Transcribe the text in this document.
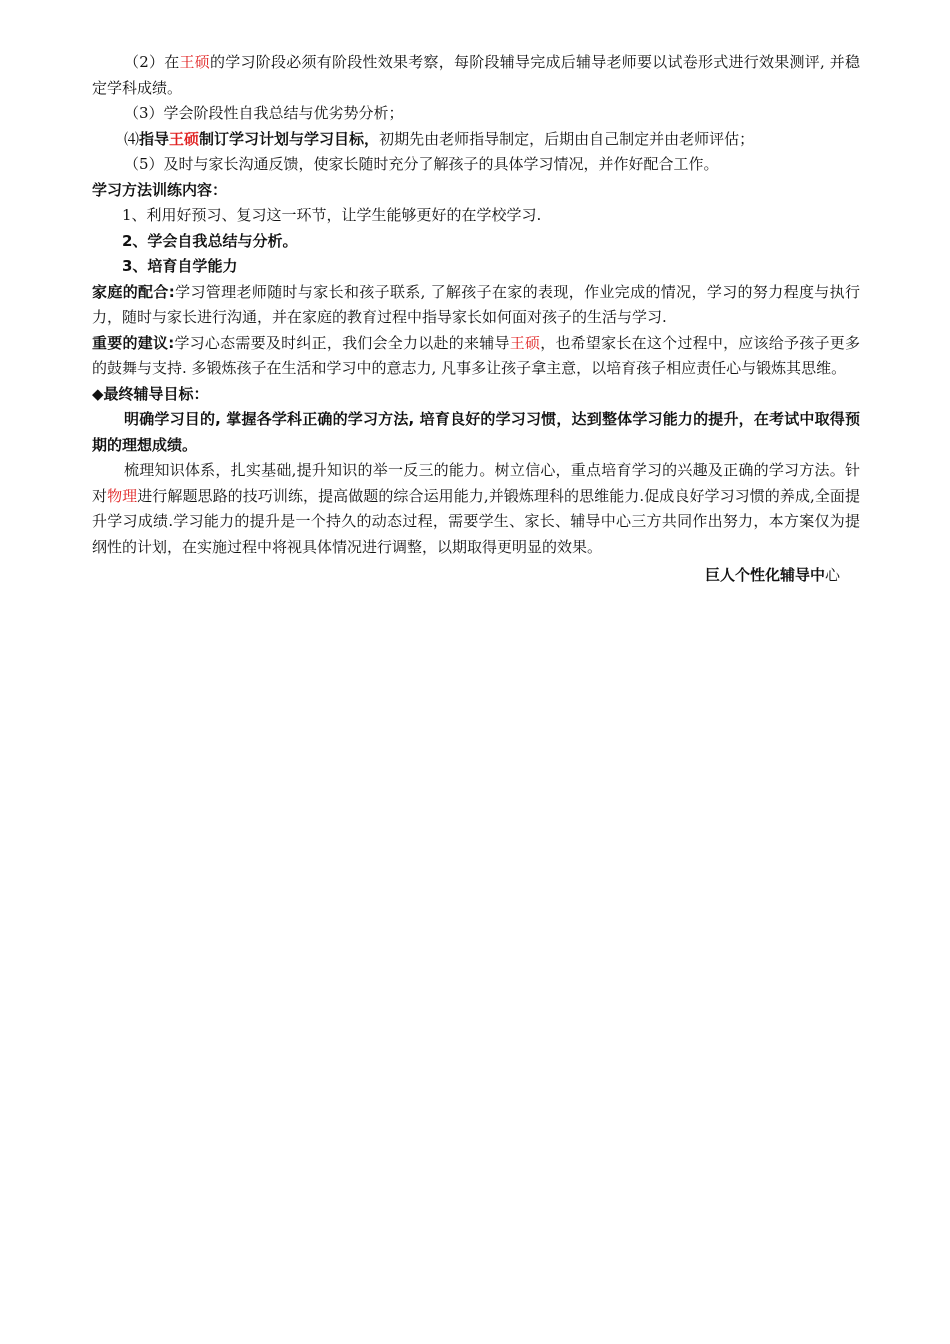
（2）在王硕的学习阶段必须有阶段性效果考察，每阶段辅导完成后辅导老师要以试卷形式进行效果测评, 并稳定学科成绩。

（3）学会阶段性自我总结与优劣势分析；

⑷指导王硕制订学习计划与学习目标，初期先由老师指导制定，后期由自己制定并由老师评估；

（5）及时与家长沟通反馈，使家长随时充分了解孩子的具体学习情况，并作好配合工作。

学习方法训练内容：

1、利用好预习、复习这一环节，让学生能够更好的在学校学习.

2、学会自我总结与分析。

3、培育自学能力

家庭的配合:学习管理老师随时与家长和孩子联系, 了解孩子在家的表现，作业完成的情况，学习的努力程度与执行力，随时与家长进行沟通，并在家庭的教育过程中指导家长如何面对孩子的生活与学习.

重要的建议:学习心态需要及时纠正，我们会全力以赴的来辅导王硕，也希望家长在这个过程中，应该给予孩子更多的鼓舞与支持. 多锻炼孩子在生活和学习中的意志力, 凡事多让孩子拿主意，以培育孩子相应责任心与锻炼其思维。

◆最终辅导目标：

明确学习目的, 掌握各学科正确的学习方法, 培育良好的学习习惯，达到整体学习能力的提升，在考试中取得预期的理想成绩。

梳理知识体系，扎实基础,提升知识的举一反三的能力。树立信心，重点培育学习的兴趣及正确的学习方法。针对物理进行解题思路的技巧训练，提高做题的综合运用能力,并锻炼理科的思维能力.促成良好学习习惯的养成,全面提升学习成绩.学习能力的提升是一个持久的动态过程，需要学生、家长、辅导中心三方共同作出努力，本方案仅为提纲性的计划，在实施过程中将视具体情况进行调整，以期取得更明显的效果。

巨人个性化辅导中心
